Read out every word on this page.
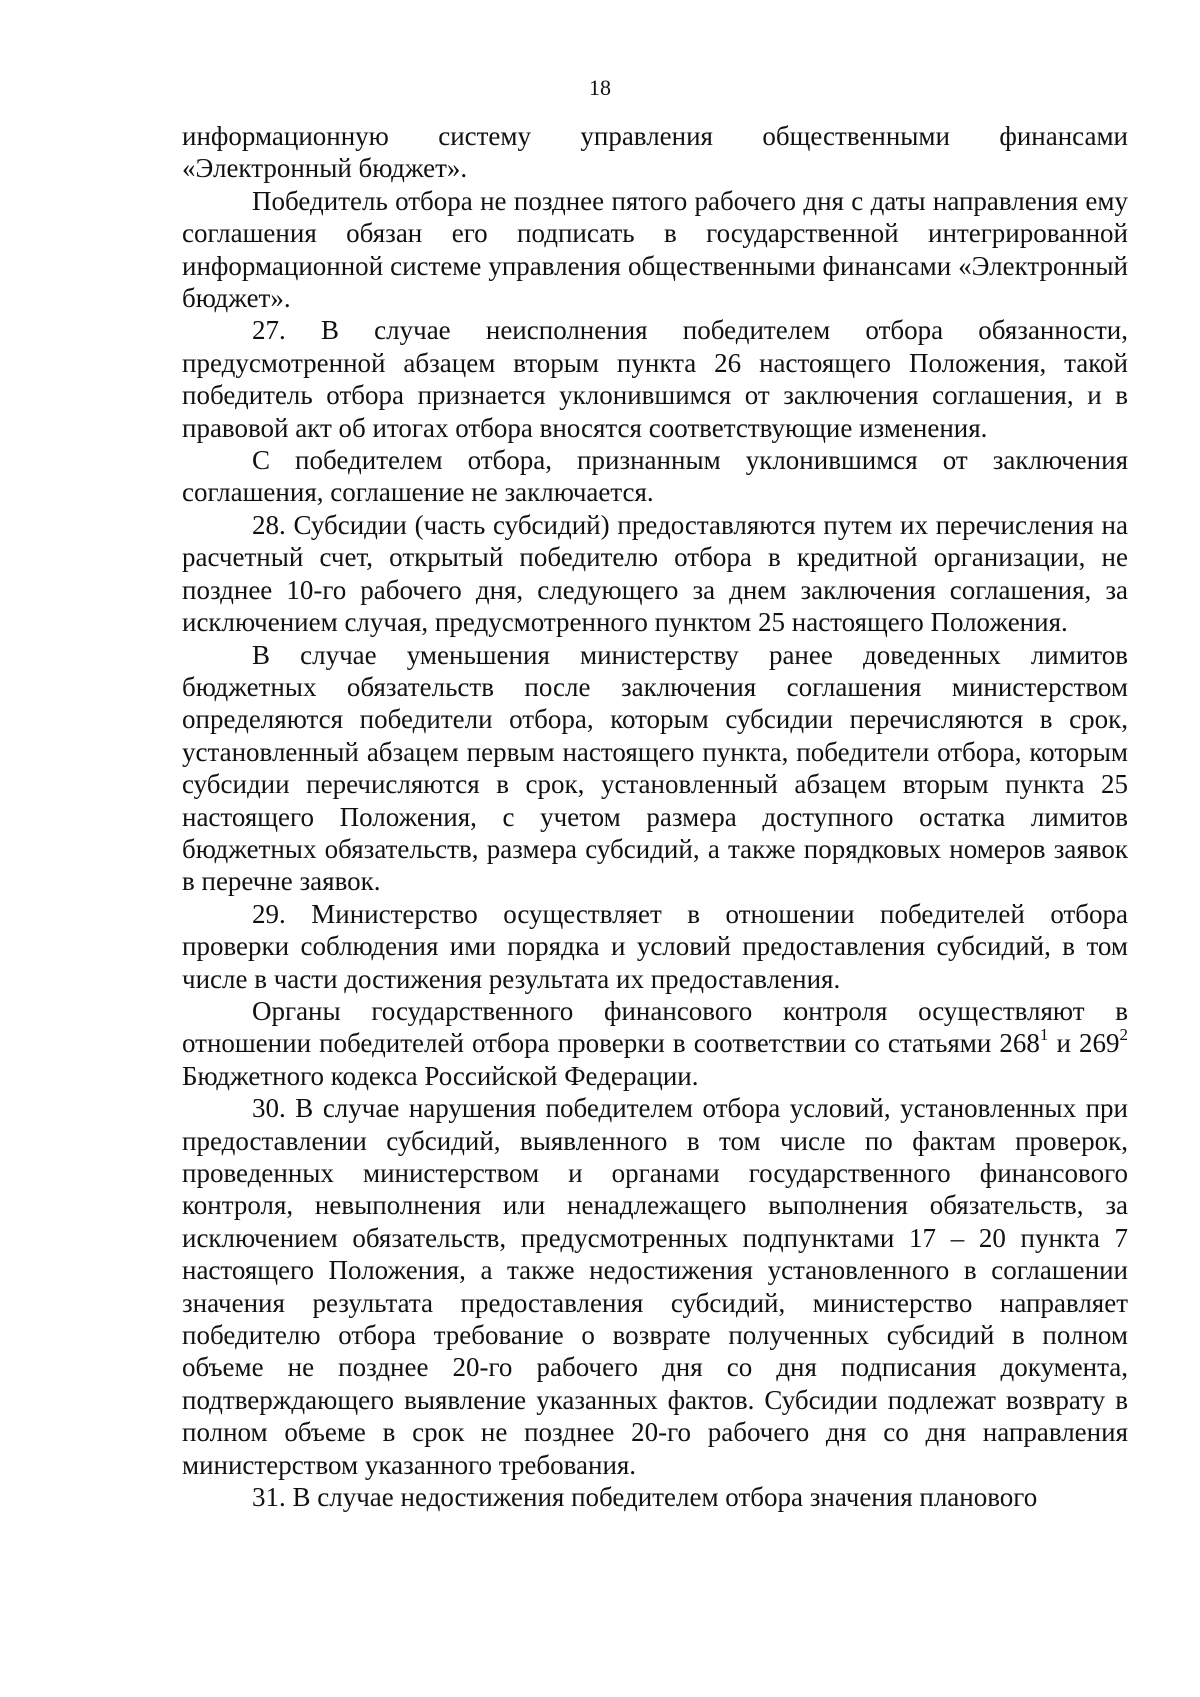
18

информационную систему управления общественными финансами «Электронный бюджет».

Победитель отбора не позднее пятого рабочего дня с даты направления ему соглашения обязан его подписать в государственной интегрированной информационной системе управления общественными финансами «Электронный бюджет».

27. В случае неисполнения победителем отбора обязанности, предусмотренной абзацем вторым пункта 26 настоящего Положения, такой победитель отбора признается уклонившимся от заключения соглашения, и в правовой акт об итогах отбора вносятся соответствующие изменения.

С победителем отбора, признанным уклонившимся от заключения соглашения, соглашение не заключается.

28. Субсидии (часть субсидий) предоставляются путем их перечисления на расчетный счет, открытый победителю отбора в кредитной организации, не позднее 10-го рабочего дня, следующего за днем заключения соглашения, за исключением случая, предусмотренного пунктом 25 настоящего Положения.

В случае уменьшения министерству ранее доведенных лимитов бюджетных обязательств после заключения соглашения министерством определяются победители отбора, которым субсидии перечисляются в срок, установленный абзацем первым настоящего пункта, победители отбора, которым субсидии перечисляются в срок, установленный абзацем вторым пункта 25 настоящего Положения, с учетом размера доступного остатка лимитов бюджетных обязательств, размера субсидий, а также порядковых номеров заявок в перечне заявок.

29. Министерство осуществляет в отношении победителей отбора проверки соблюдения ими порядка и условий предоставления субсидий, в том числе в части достижения результата их предоставления.

Органы государственного финансового контроля осуществляют в отношении победителей отбора проверки в соответствии со статьями $268^1$ и $269^2$ Бюджетного кодекса Российской Федерации.

30. В случае нарушения победителем отбора условий, установленных при предоставлении субсидий, выявленного в том числе по фактам проверок, проведенных министерством и органами государственного финансового контроля, невыполнения или ненадлежащего выполнения обязательств, за исключением обязательств, предусмотренных подпунктами 17 – 20 пункта 7 настоящего Положения, а также недостижения установленного в соглашении значения результата предоставления субсидий, министерство направляет победителю отбора требование о возврате полученных субсидий в полном объеме не позднее 20-го рабочего дня со дня подписания документа, подтверждающего выявление указанных фактов. Субсидии подлежат возврату в полном объеме в срок не позднее 20-го рабочего дня со дня направления министерством указанного требования.

31. В случае недостижения победителем отбора значения планового
